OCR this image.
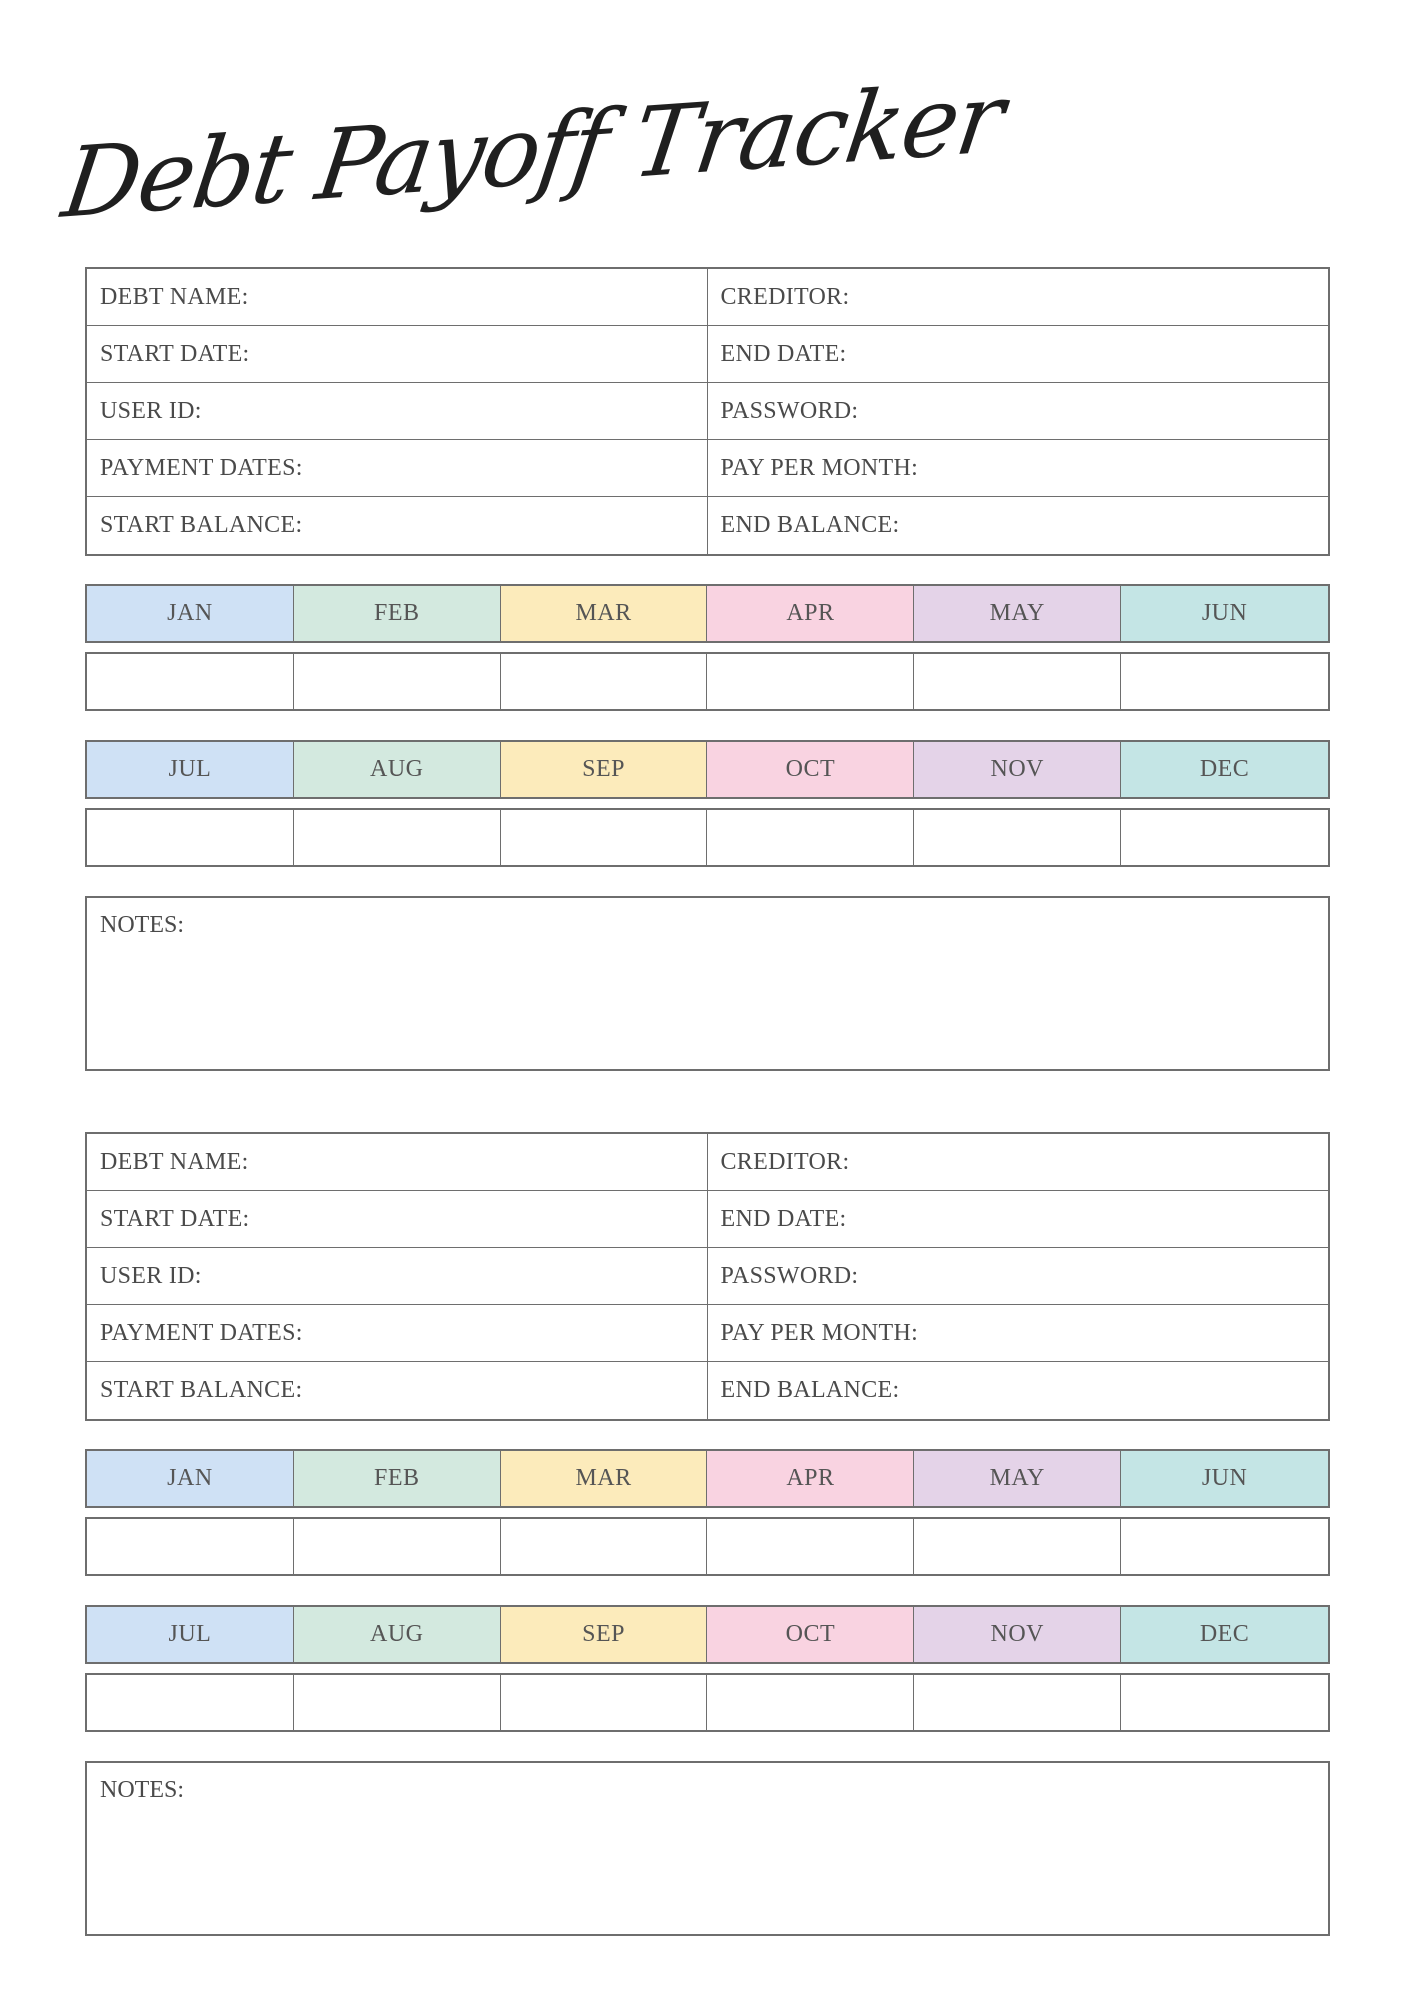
Debt Payoff Tracker
DEBT NAME:	CREDITOR:
START DATE:	END DATE:
USER ID:	PASSWORD:
PAYMENT DATES:	PAY PER MONTH:
START BALANCE:	END BALANCE:
JAN	FEB	MAR	APR	MAY	JUN
JUL	AUG	SEP	OCT	NOV	DEC
NOTES:
DEBT NAME:	CREDITOR:
START DATE:	END DATE:
USER ID:	PASSWORD:
PAYMENT DATES:	PAY PER MONTH:
START BALANCE:	END BALANCE:
JAN	FEB	MAR	APR	MAY	JUN
JUL	AUG	SEP	OCT	NOV	DEC
NOTES:
